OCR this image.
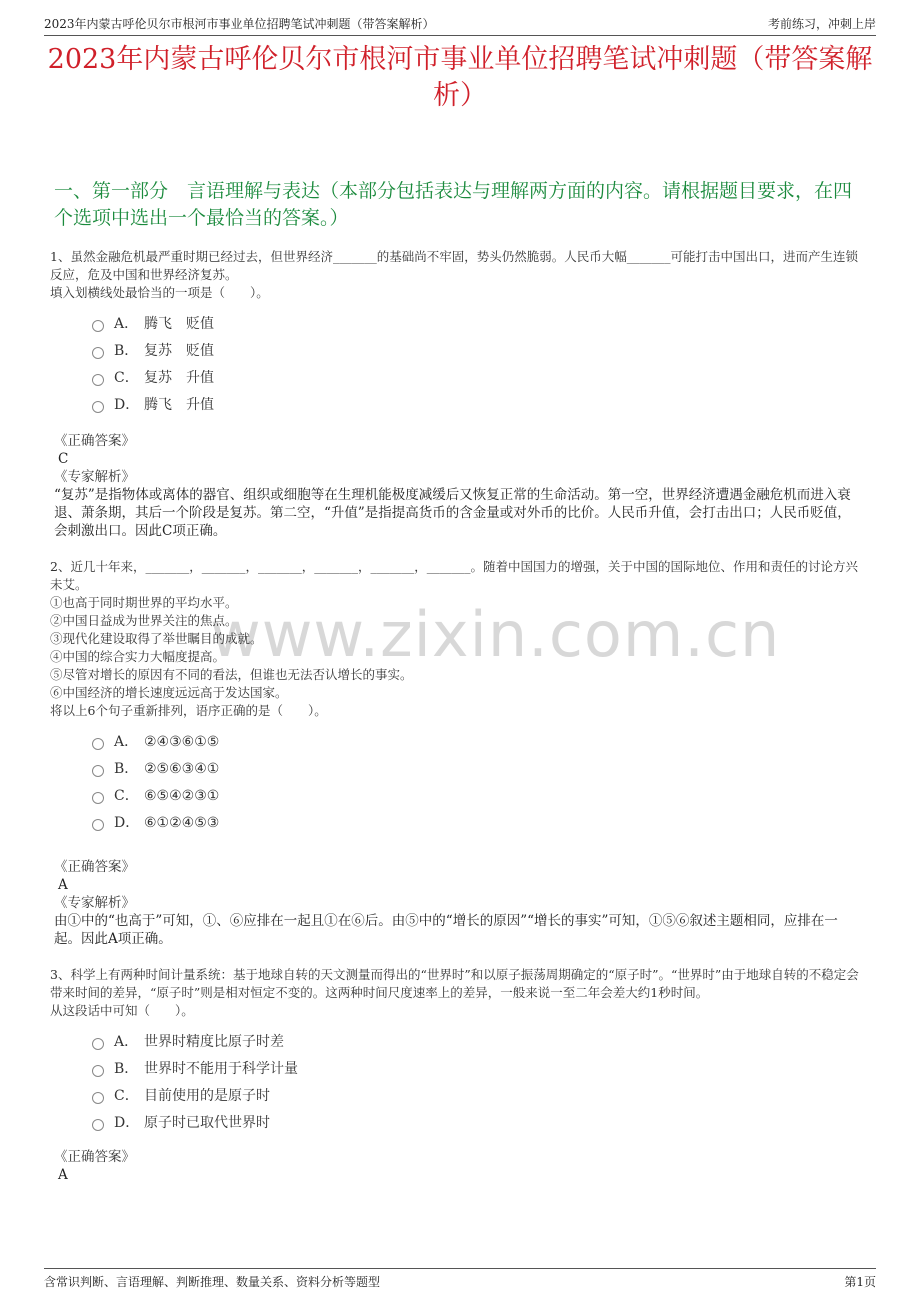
2023年内蒙古呼伦贝尔市根河市事业单位招聘笔试冲刺题（带答案解析）	考前练习，冲刺上岸
2023年内蒙古呼伦贝尔市根河市事业单位招聘笔试冲刺题（带答案解析）
一、第一部分　言语理解与表达（本部分包括表达与理解两方面的内容。请根据题目要求，在四个选项中选出一个最恰当的答案。）
www.zixin.com.cn

1、虽然金融危机最严重时期已经过去，但世界经济_______的基础尚不牢固，势头仍然脆弱。人民币大幅_______可能打击中国出口，进而产生连锁反应，危及中国和世界经济复苏。

填入划横线处最恰当的一项是（　　）。

A． 腾飞　贬值
B． 复苏　贬值
C． 复苏　升值
D． 腾飞　升值

《正确答案》

C

《专家解析》

“复苏”是指物体或离体的器官、组织或细胞等在生理机能极度减缓后又恢复正常的生命活动。第一空，世界经济遭遇金融危机而进入衰退、萧条期，其后一个阶段是复苏。第二空，“升值”是指提高货币的含金量或对外币的比价。人民币升值，会打击出口；人民币贬值，会刺激出口。因此C项正确。

2、近几十年来，_______，_______，_______，_______，_______，_______。随着中国国力的增强，关于中国的国际地位、作用和责任的讨论方兴未艾。

①也高于同时期世界的平均水平。

②中国日益成为世界关注的焦点。

③现代化建设取得了举世瞩目的成就。

④中国的综合实力大幅度提高。

⑤尽管对增长的原因有不同的看法，但谁也无法否认增长的事实。

⑥中国经济的增长速度远远高于发达国家。

将以上6个句子重新排列，语序正确的是（　　）。

A． ②④③⑥①⑤
B． ②⑤⑥③④①
C． ⑥⑤④②③①
D． ⑥①②④⑤③

《正确答案》

A

《专家解析》

由①中的“也高于”可知，①、⑥应排在一起且①在⑥后。由⑤中的“增长的原因”“增长的事实”可知，①⑤⑥叙述主题相同，应排在一起。因此A项正确。

3、科学上有两种时间计量系统：基于地球自转的天文测量而得出的“世界时”和以原子振荡周期确定的“原子时”。“世界时”由于地球自转的不稳定会带来时间的差异，“原子时”则是相对恒定不变的。这两种时间尺度速率上的差异，一般来说一至二年会差大约1秒时间。

从这段话中可知（　　）。

A． 世界时精度比原子时差
B． 世界时不能用于科学计量
C． 目前使用的是原子时
D． 原子时已取代世界时

《正确答案》

A

含常识判断、言语理解、判断推理、数量关系、资料分析等题型	第1页
